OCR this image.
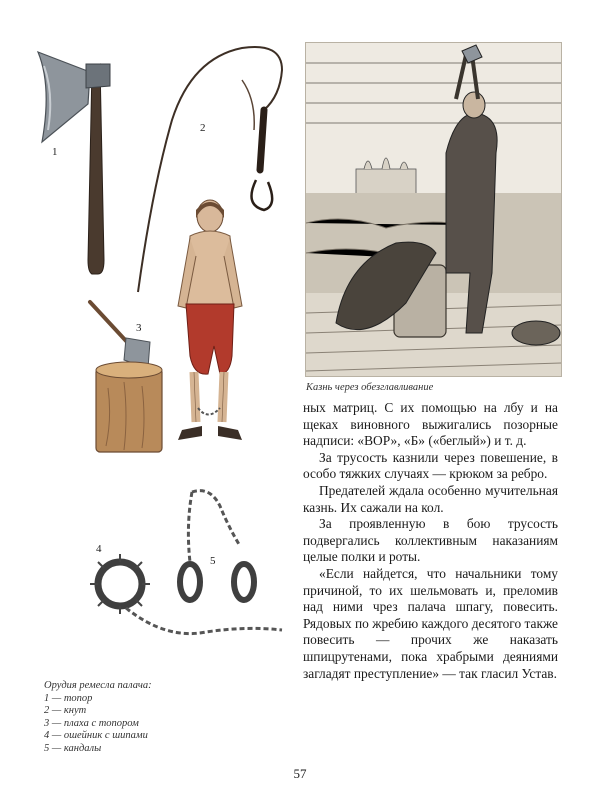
1
2
3
4
5
Казнь через обезглавливание

ных матриц. С их помощью на лбу и на щеках виновного выжигались позорные надписи: «ВОР», «Б» («беглый») и т. д.

За трусость казнили через повешение, в особо тяжких случаях — крюком за ребро.

Предателей ждала особенно мучительная казнь. Их сажали на кол.

За проявленную в бою трусость подвергались коллективным наказаниям целые полки и роты.

«Если найдется, что начальники тому причиной, то их шельмовать и, преломив над ними чрез палача шпагу, повесить. Рядовых по жребию каждого десятого также повесить — прочих же наказать шпицрутенами, пока храбрыми деяниями загладят преступление» — так гласил Устав.

Орудия ремесла палача:
1 — топор
2 — кнут
3 — плаха с топором
4 — ошейник с шипами
5 — кандалы
57
